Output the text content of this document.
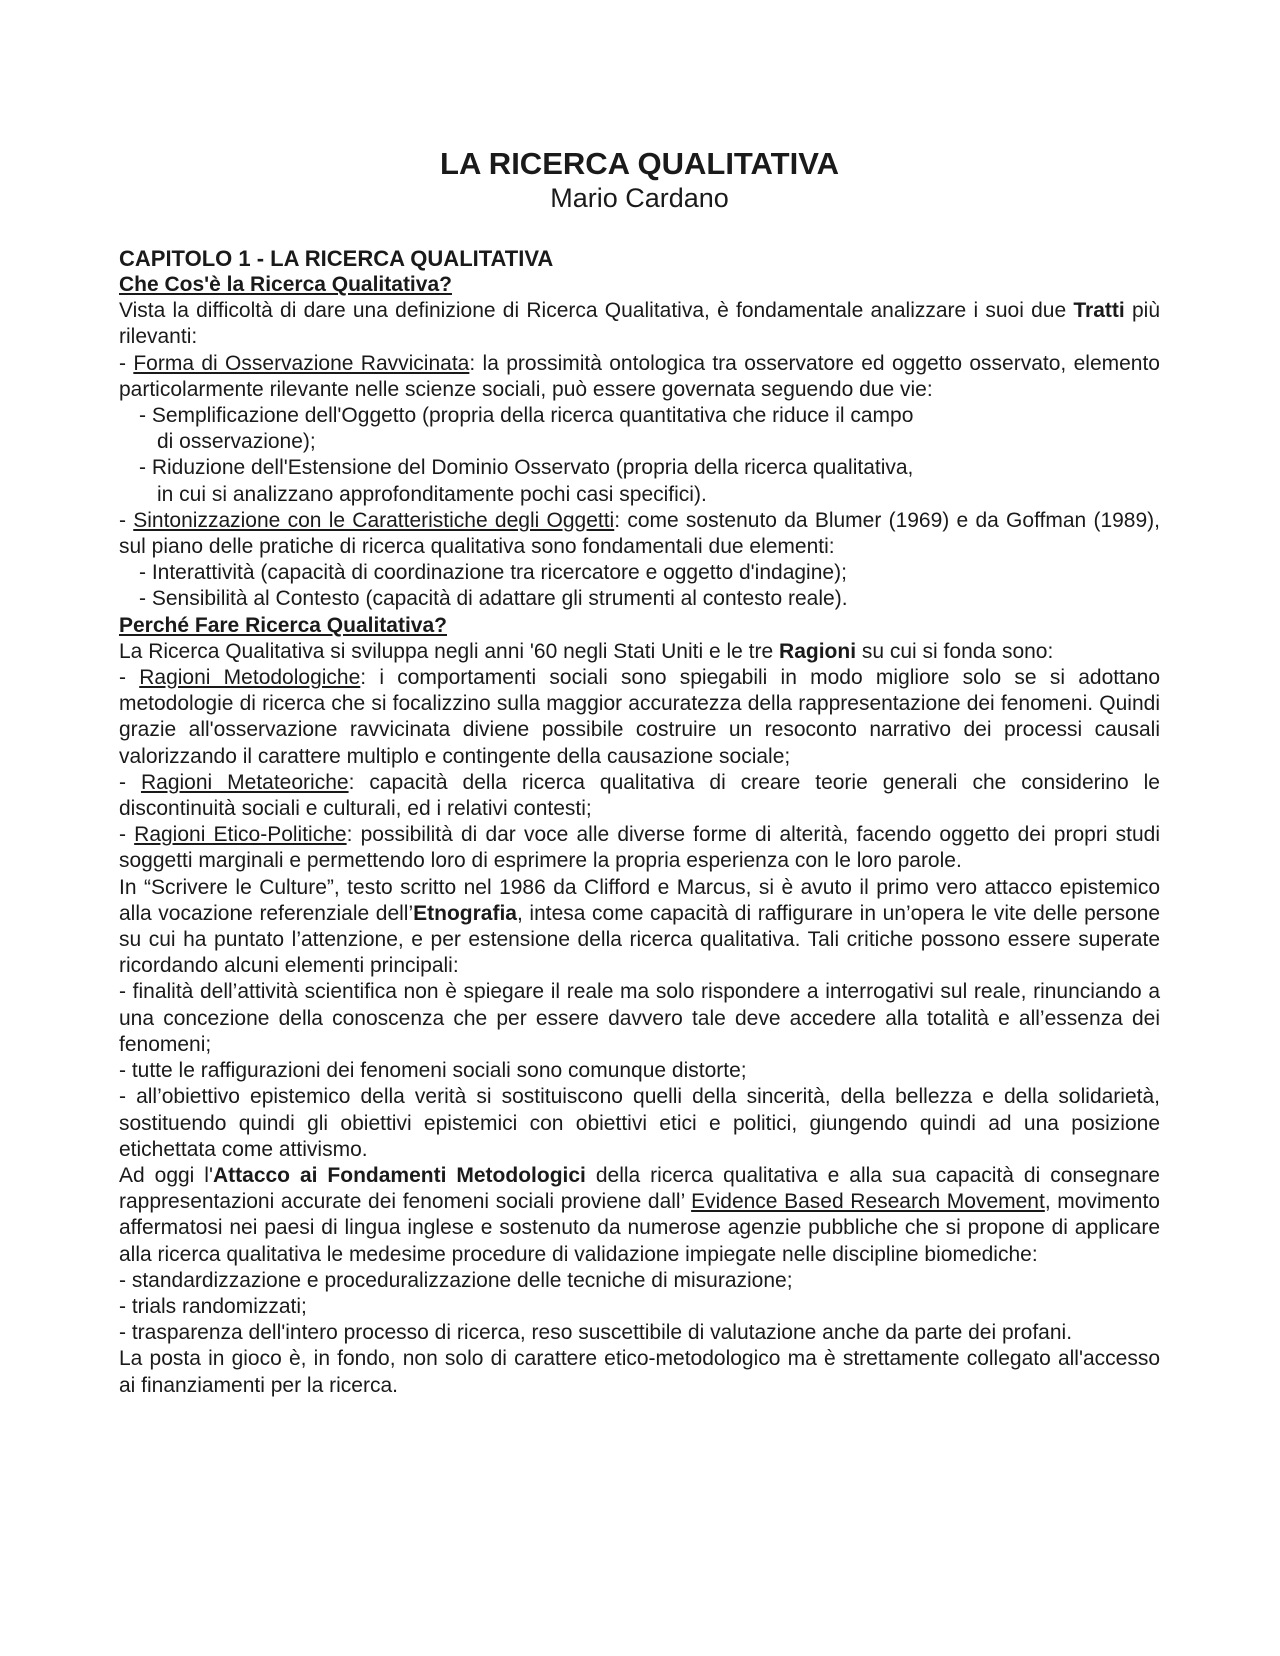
LA RICERCA QUALITATIVA
Mario Cardano
CAPITOLO 1 - LA RICERCA QUALITATIVA
Che Cos'è la Ricerca Qualitativa?

Vista la difficoltà di dare una definizione di Ricerca Qualitativa, è fondamentale analizzare i suoi due Tratti più rilevanti:

- Forma di Osservazione Ravvicinata: la prossimità ontologica tra osservatore ed oggetto osservato, elemento particolarmente rilevante nelle scienze sociali, può essere governata seguendo due vie:

- Semplificazione dell'Oggetto (propria della ricerca quantitativa che riduce il campo

di osservazione);

- Riduzione dell'Estensione del Dominio Osservato (propria della ricerca qualitativa,

in cui si analizzano approfonditamente pochi casi specifici).

- Sintonizzazione con le Caratteristiche degli Oggetti: come sostenuto da Blumer (1969) e da Goffman (1989), sul piano delle pratiche di ricerca qualitativa sono fondamentali due elementi:

- Interattività (capacità di coordinazione tra ricercatore e oggetto d'indagine);

- Sensibilità al Contesto (capacità di adattare gli strumenti al contesto reale).

Perché Fare Ricerca Qualitativa?

La Ricerca Qualitativa si sviluppa negli anni '60 negli Stati Uniti e le tre Ragioni su cui si fonda sono:

- Ragioni Metodologiche: i comportamenti sociali sono spiegabili in modo migliore solo se si adottano metodologie di ricerca che si focalizzino sulla maggior accuratezza della rappresentazione dei fenomeni. Quindi grazie all'osservazione ravvicinata diviene possibile costruire un resoconto narrativo dei processi causali valorizzando il carattere multiplo e contingente della causazione sociale;

- Ragioni Metateoriche: capacità della ricerca qualitativa di creare teorie generali che considerino le discontinuità sociali e culturali, ed i relativi contesti;

- Ragioni Etico-Politiche: possibilità di dar voce alle diverse forme di alterità, facendo oggetto dei propri studi soggetti marginali e permettendo loro di esprimere la propria esperienza con le loro parole.

In “Scrivere le Culture”, testo scritto nel 1986 da Clifford e Marcus, si è avuto il primo vero attacco epistemico alla vocazione referenziale dell’Etnografia, intesa come capacità di raffigurare in un’opera le vite delle persone su cui ha puntato l’attenzione, e per estensione della ricerca qualitativa. Tali critiche possono essere superate ricordando alcuni elementi principali:

- finalità dell’attività scientifica non è spiegare il reale ma solo rispondere a interrogativi sul reale, rinunciando a una concezione della conoscenza che per essere davvero tale deve accedere alla totalità e all’essenza dei fenomeni;

- tutte le raffigurazioni dei fenomeni sociali sono comunque distorte;

- all’obiettivo epistemico della verità si sostituiscono quelli della sincerità, della bellezza e della solidarietà, sostituendo quindi gli obiettivi epistemici con obiettivi etici e politici, giungendo quindi ad una posizione etichettata come attivismo.

Ad oggi l'Attacco ai Fondamenti Metodologici della ricerca qualitativa e alla sua capacità di consegnare rappresentazioni accurate dei fenomeni sociali proviene dall’ Evidence Based Research Movement, movimento affermatosi nei paesi di lingua inglese e sostenuto da numerose agenzie pubbliche che si propone di applicare alla ricerca qualitativa le medesime procedure di validazione impiegate nelle discipline biomediche:

- standardizzazione e proceduralizzazione delle tecniche di misurazione;

- trials randomizzati;

- trasparenza dell'intero processo di ricerca, reso suscettibile di valutazione anche da parte dei profani.

La posta in gioco è, in fondo, non solo di carattere etico-metodologico ma è strettamente collegato all'accesso ai finanziamenti per la ricerca.
